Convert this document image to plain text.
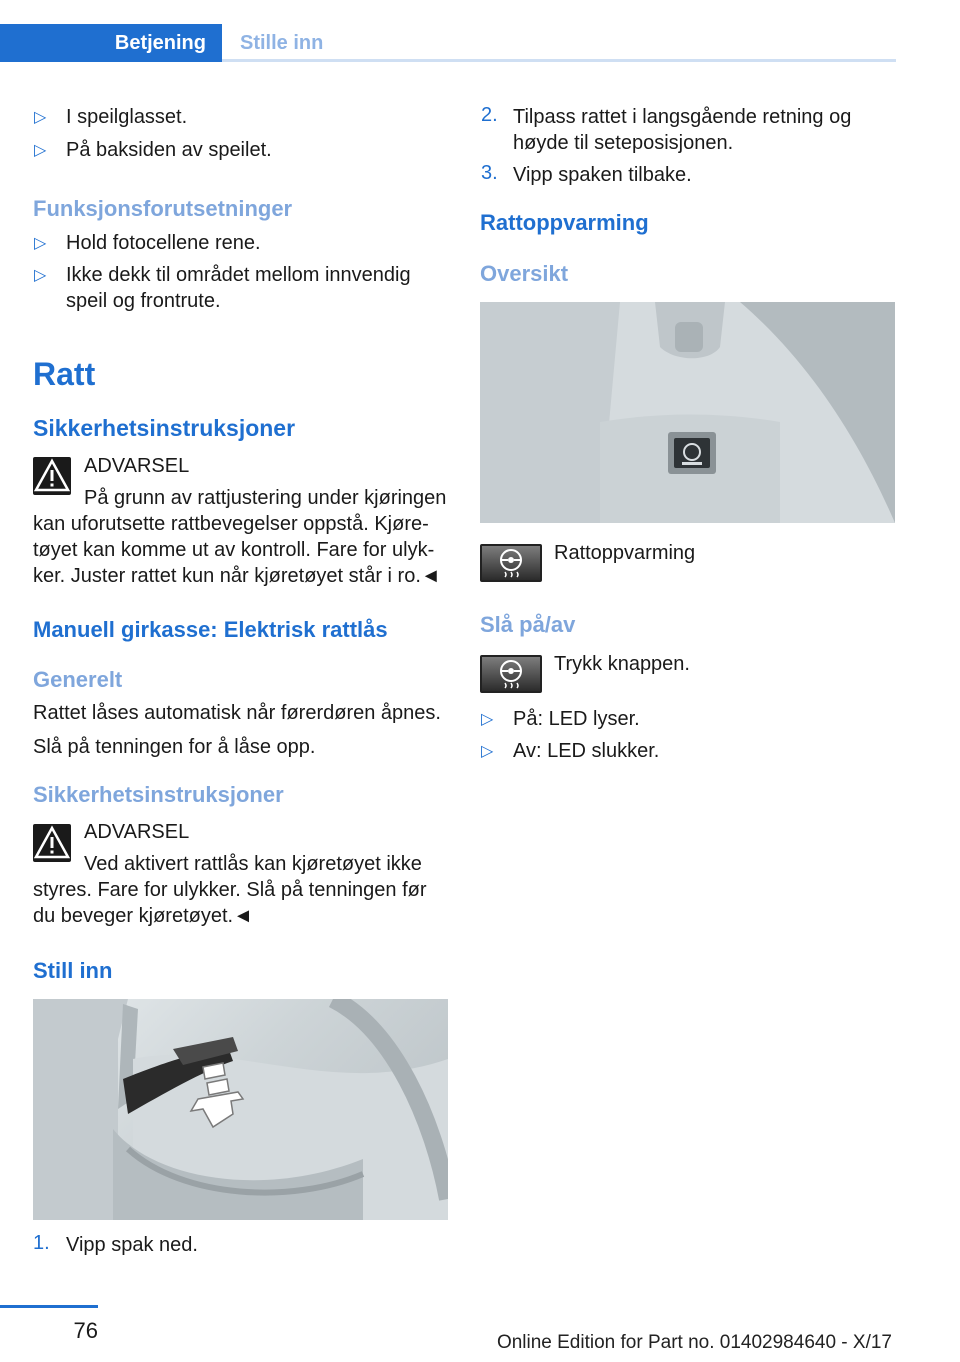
Betjening	Stille inn
▷ I speilglasset.
▷ På baksiden av speilet.
Funksjonsforutsetninger
▷ Hold fotocellene rene.
▷ Ikke dekk til området mellom innvendig
speil og frontrute.
Ratt
Sikkerhetsinstruksjoner
ADVARSEL
På grunn av rattjustering under kjøringen
kan uforutsette rattbevegelser oppstå. Kjøre‐
tøyet kan komme ut av kontroll. Fare for ulyk‐
ker. Juster rattet kun når kjøretøyet står i ro.◄
Manuell girkasse: Elektrisk rattlås
Generelt
Rattet låses automatisk når førerdøren åpnes.
Slå på tenningen for å låse opp.
Sikkerhetsinstruksjoner
ADVARSEL
Ved aktivert rattlås kan kjøretøyet ikke
styres. Fare for ulykker. Slå på tenningen før
du beveger kjøretøyet.◄
Still inn
1. Vipp spak ned.
2. Tilpass rattet i langsgående retning og
høyde til seteposisjonen.
3. Vipp spaken tilbake.
Rattoppvarming
Oversikt
Rattoppvarming
Slå på/av
Trykk knappen.
▷ På: LED lyser.
▷ Av: LED slukker.
76	Online Edition for Part no. 01402984640 - X/17
